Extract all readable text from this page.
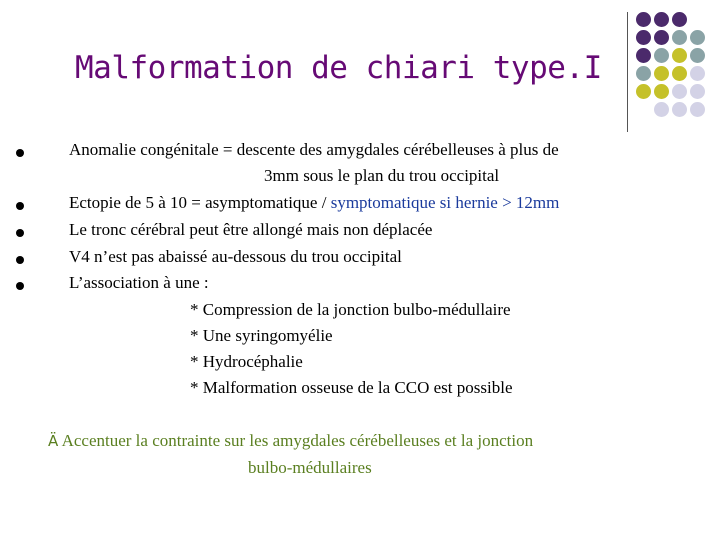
Malformation de chiari type.I
Anomalie congénitale = descente des amygdales cérébelleuses à plus de
3mm sous le plan du trou occipital
Ectopie de 5 à 10 = asymptomatique / symptomatique si hernie > 12mm
Le tronc cérébral peut être allongé mais non déplacée
V4 n’est pas abaissé au-dessous du trou occipital
L’association à une :
* Compression de la jonction bulbo-médullaire
* Une syringomyélie
* Hydrocéphalie
* Malformation osseuse de la CCO est possible
Ä Accentuer la contrainte sur les amygdales cérébelleuses et la jonction
bulbo-médullaires
